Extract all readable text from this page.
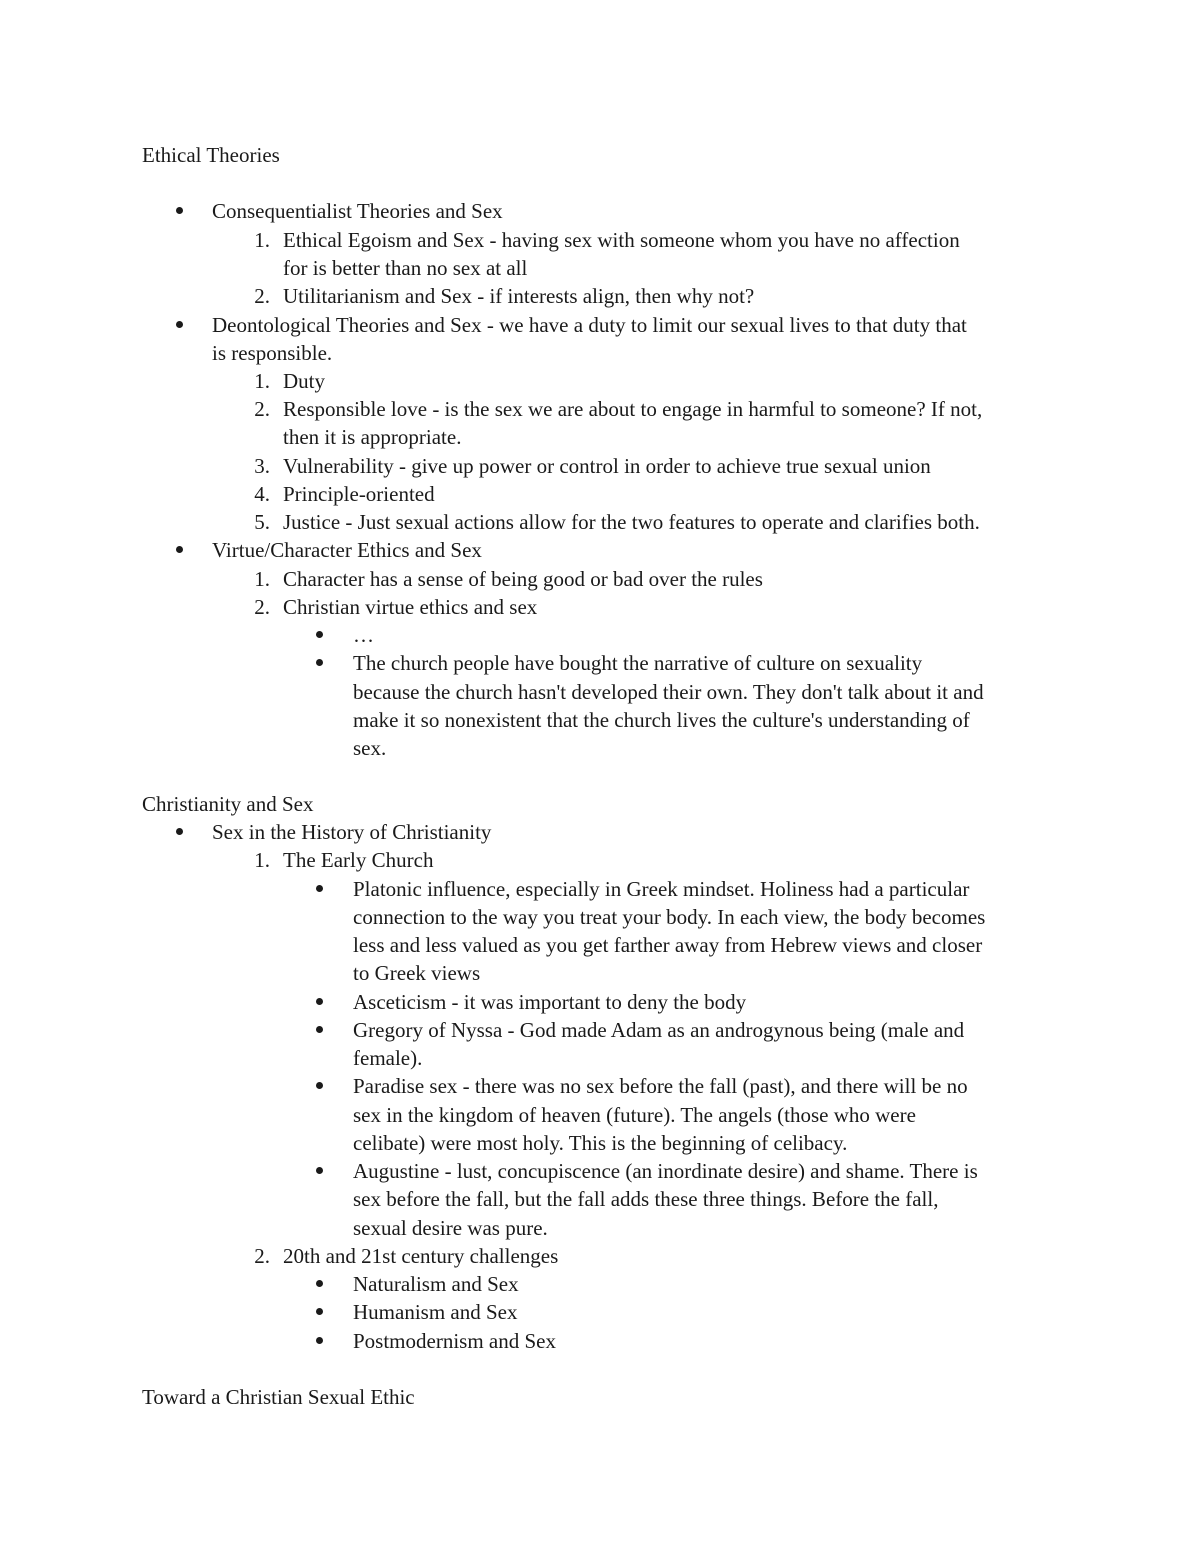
Ethical Theories
Consequentialist Theories and Sex
1. Ethical Egoism and Sex - having sex with someone whom you have no affection
for is better than no sex at all
2. Utilitarianism and Sex - if interests align, then why not?
Deontological Theories and Sex - we have a duty to limit our sexual lives to that duty that
is responsible.
1. Duty
2. Responsible love - is the sex we are about to engage in harmful to someone? If not,
then it is appropriate.
3. Vulnerability - give up power or control in order to achieve true sexual union
4. Principle-oriented
5. Justice - Just sexual actions allow for the two features to operate and clarifies both.
Virtue/Character Ethics and Sex
1. Character has a sense of being good or bad over the rules
2. Christian virtue ethics and sex
…
The church people have bought the narrative of culture on sexuality
because the church hasn't developed their own. They don't talk about it and
make it so nonexistent that the church lives the culture's understanding of
sex.
Christianity and Sex
Sex in the History of Christianity
1. The Early Church
Platonic influence, especially in Greek mindset. Holiness had a particular
connection to the way you treat your body. In each view, the body becomes
less and less valued as you get farther away from Hebrew views and closer
to Greek views
Asceticism - it was important to deny the body
Gregory of Nyssa - God made Adam as an androgynous being (male and
female).
Paradise sex - there was no sex before the fall (past), and there will be no
sex in the kingdom of heaven (future). The angels (those who were
celibate) were most holy. This is the beginning of celibacy.
Augustine - lust, concupiscence (an inordinate desire) and shame. There is
sex before the fall, but the fall adds these three things. Before the fall,
sexual desire was pure.
2. 20th and 21st century challenges
Naturalism and Sex
Humanism and Sex
Postmodernism and Sex
Toward a Christian Sexual Ethic
